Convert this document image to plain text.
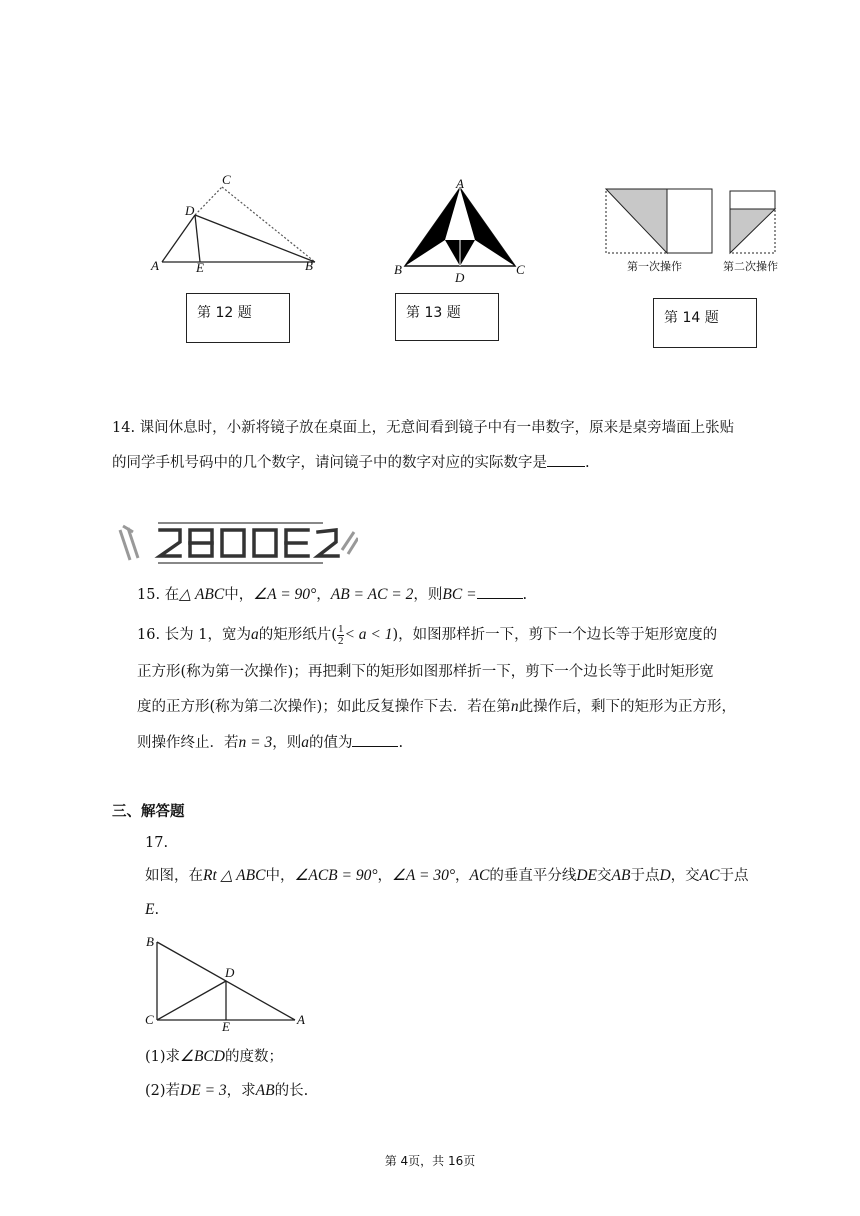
A	E	B
C
D
第 12 题
A
B	C
D
第 13 题
第一次操作	第二次操作
第 14 题
14. 课间休息时，小新将镜子放在桌面上，无意间看到镜子中有一串数字，原来是桌旁墙面上张贴
的同学手机号码中的几个数字，请问镜子中的数字对应的实际数字是	.
15. 在△ ABC中，∠A = 90°，AB = AC = 2，则BC =	.
16. 长为 1，宽为a的矩形纸片( $\frac{1}{2} < a < 1$)，如图那样折一下，剪下一个边长等于矩形宽度的
正方形(称为第一次操作)；再把剩下的矩形如图那样折一下，剪下一个边长等于此时矩形宽
度的正方形(称为第二次操作)；如此反复操作下去．若在第n此操作后，剩下的矩形为正方形，
则操作终止．若n = 3，则a的值为	.
三、解答题
17.
如图，在Rt △ ABC中，∠ACB = 90°，∠A = 30°，AC的垂直平分线DE交AB于点D，交AC于点
E.
B
C	E	A
D
(1)求∠BCD的度数；
(2)若DE = 3，求AB的长.
第 4页，共 16页
